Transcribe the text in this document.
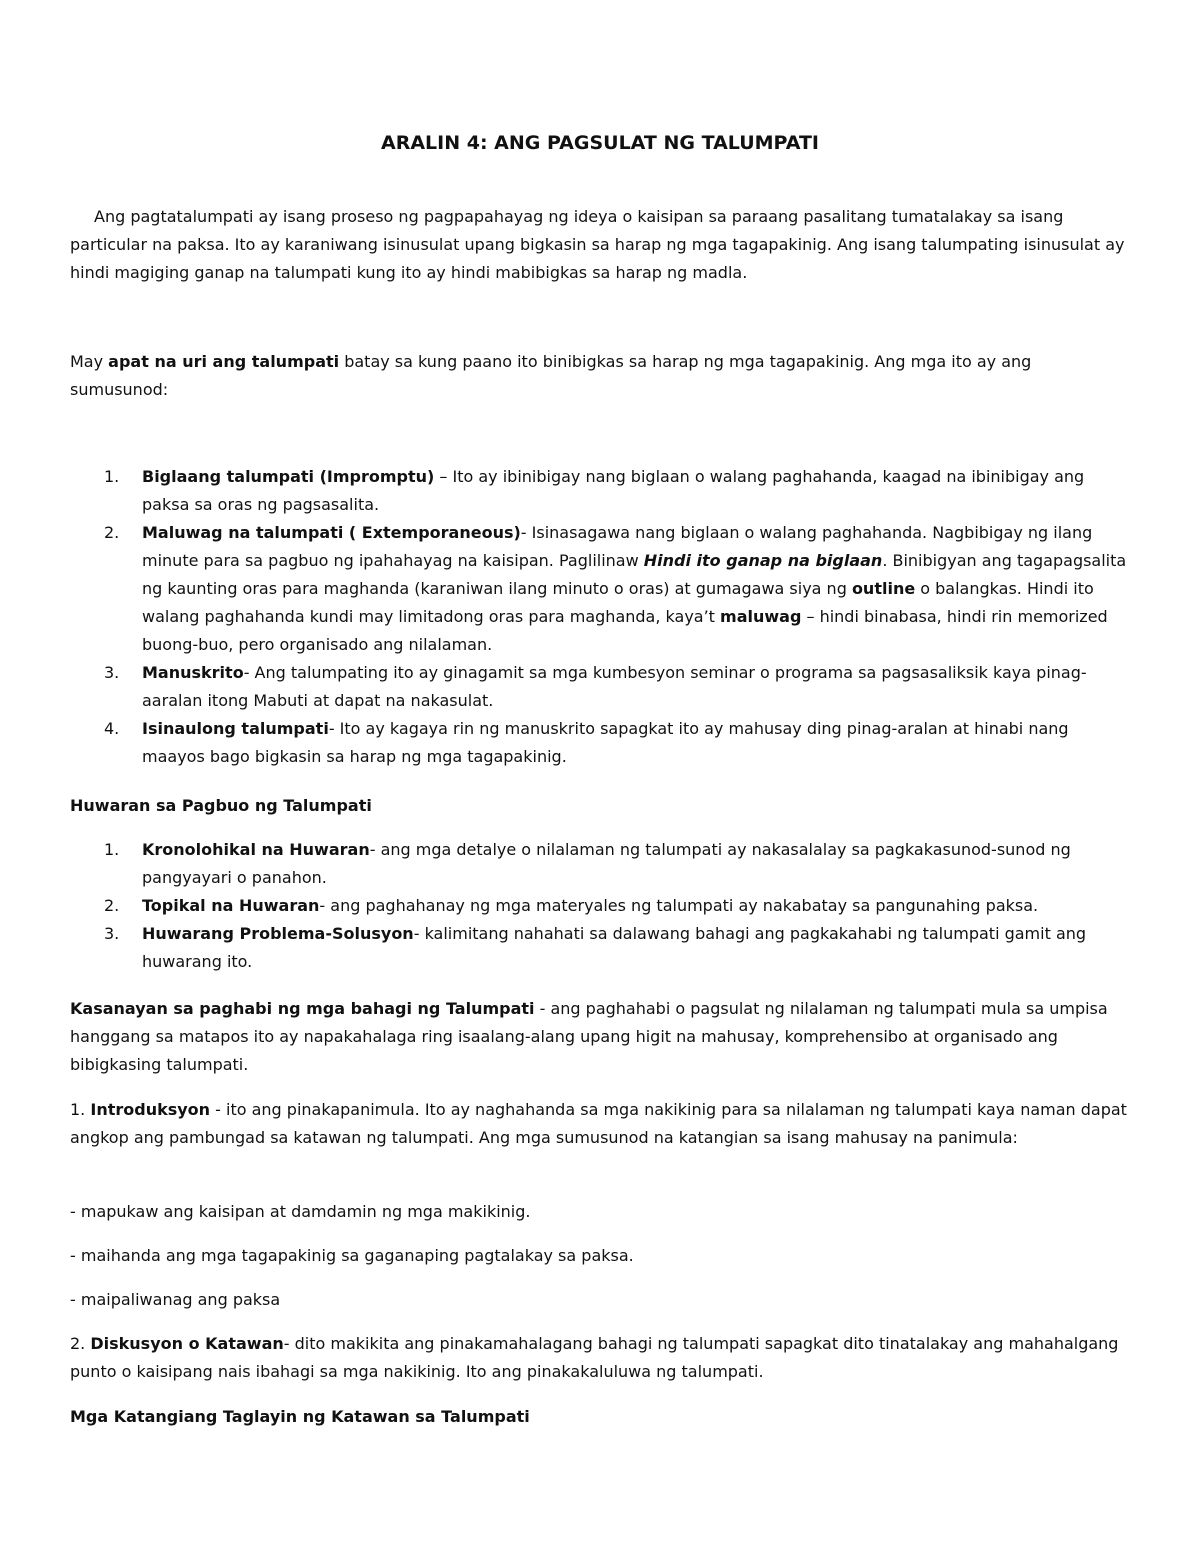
ARALIN 4: ANG PAGSULAT NG TALUMPATI

Ang pagtatalumpati ay isang proseso ng pagpapahayag ng ideya o kaisipan sa paraang pasalitang tumatalakay sa isang particular na paksa. Ito ay karaniwang isinusulat upang bigkasin sa harap ng mga tagapakinig. Ang isang talumpating isinusulat ay hindi magiging ganap na talumpati kung ito ay hindi mabibigkas sa harap ng madla.

May apat na uri ang talumpati batay sa kung paano ito binibigkas sa harap ng mga tagapakinig. Ang mga ito ay ang sumusunod:

1. Biglaang talumpati (Impromptu) – Ito ay ibinibigay nang biglaan o walang paghahanda, kaagad na ibinibigay ang paksa sa oras ng pagsasalita.
2. Maluwag na talumpati ( Extemporaneous)- Isinasagawa nang biglaan o walang paghahanda. Nagbibigay ng ilang minute para sa pagbuo ng ipahahayag na kaisipan. Paglilinaw Hindi ito ganap na biglaan. Binibigyan ang tagapagsalita ng kaunting oras para maghanda (karaniwan ilang minuto o oras) at gumagawa siya ng outline o balangkas. Hindi ito walang paghahanda kundi may limitadong oras para maghanda, kaya’t maluwag – hindi binabasa, hindi rin memorized buong-buo, pero organisado ang nilalaman.
3. Manuskrito- Ang talumpating ito ay ginagamit sa mga kumbesyon seminar o programa sa pagsasaliksik kaya pinag-aaralan itong Mabuti at dapat na nakasulat.
4. Isinaulong talumpati- Ito ay kagaya rin ng manuskrito sapagkat ito ay mahusay ding pinag-aralan at hinabi nang maayos bago bigkasin sa harap ng mga tagapakinig.

Huwaran sa Pagbuo ng Talumpati

1. Kronolohikal na Huwaran- ang mga detalye o nilalaman ng talumpati ay nakasalalay sa pagkakasunod-sunod ng pangyayari o panahon.
2. Topikal na Huwaran- ang paghahanay ng mga materyales ng talumpati ay nakabatay sa pangunahing paksa.
3. Huwarang Problema-Solusyon- kalimitang nahahati sa dalawang bahagi ang pagkakahabi ng talumpati gamit ang huwarang ito.

Kasanayan sa paghabi ng mga bahagi ng Talumpati - ang paghahabi o pagsulat ng nilalaman ng talumpati mula sa umpisa hanggang sa matapos ito ay napakahalaga ring isaalang-alang upang higit na mahusay, komprehensibo at organisado ang bibigkasing talumpati.

1. Introduksyon - ito ang pinakapanimula. Ito ay naghahanda sa mga nakikinig para sa nilalaman ng talumpati kaya naman dapat angkop ang pambungad sa katawan ng talumpati. Ang mga sumusunod na katangian sa isang mahusay na panimula:

- mapukaw ang kaisipan at damdamin ng mga makikinig.

- maihanda ang mga tagapakinig sa gaganaping pagtalakay sa paksa.

- maipaliwanag ang paksa

2. Diskusyon o Katawan- dito makikita ang pinakamahalagang bahagi ng talumpati sapagkat dito tinatalakay ang mahahalgang punto o kaisipang nais ibahagi sa mga nakikinig. Ito ang pinakakaluluwa ng talumpati.

Mga Katangiang Taglayin ng Katawan sa Talumpati
